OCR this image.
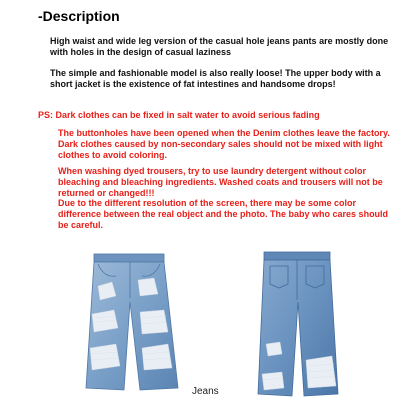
-Description

High waist and wide leg version of the casual hole jeans pants are mostly done with holes in the design of casual laziness

The simple and fashionable model is also really loose! The upper body with a short jacket is the existence of fat intestines and handsome drops!

PS: Dark clothes can be fixed in salt water to avoid serious fading

The buttonholes have been opened when the Denim clothes leave the factory. Dark clothes caused by non-secondary sales should not be mixed with light clothes to avoid coloring.

When washing dyed trousers, try to use laundry detergent without color bleaching and bleaching ingredients. Washed coats and trousers will not be returned or changed!!!

Due to the different resolution of the screen, there may be some color difference between the real object and the photo. The baby who cares should be careful.

Jeans
